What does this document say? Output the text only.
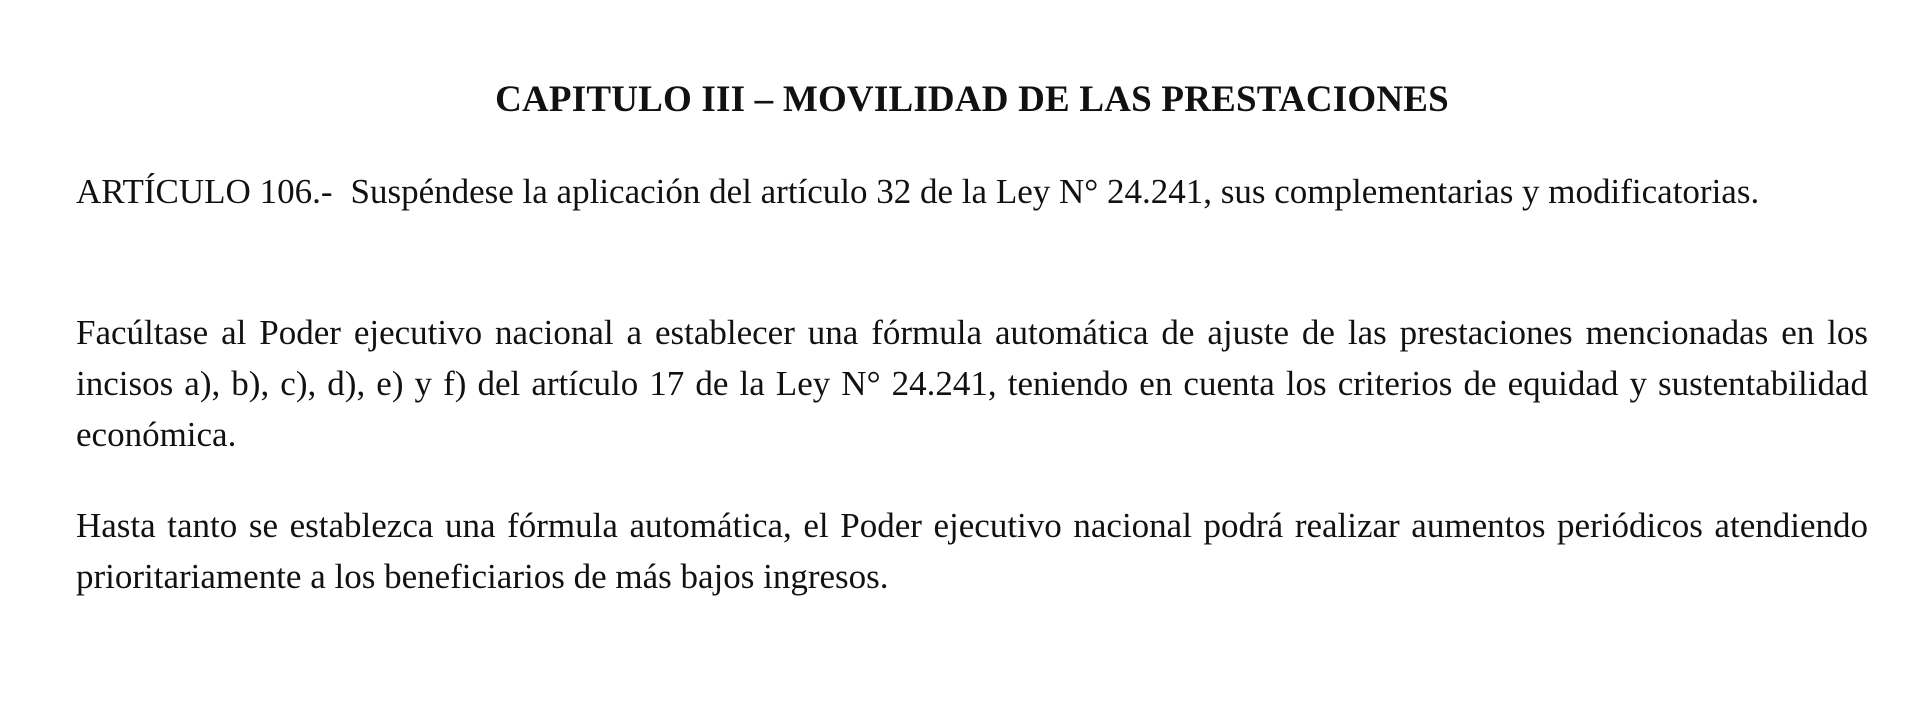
CAPITULO III – MOVILIDAD DE LAS PRESTACIONES

ARTÍCULO 106.- Suspéndese la aplicación del artículo 32 de la Ley N° 24.241, sus complementarias y modificatorias.

Facúltase al Poder ejecutivo nacional a establecer una fórmula automática de ajuste de las prestaciones mencionadas en los incisos a), b), c), d), e) y f) del artículo 17 de la Ley N° 24.241, teniendo en cuenta los criterios de equidad y sustentabilidad económica.

Hasta tanto se establezca una fórmula automática, el Poder ejecutivo nacional podrá realizar aumentos periódicos atendiendo prioritariamente a los beneficiarios de más bajos ingresos.
